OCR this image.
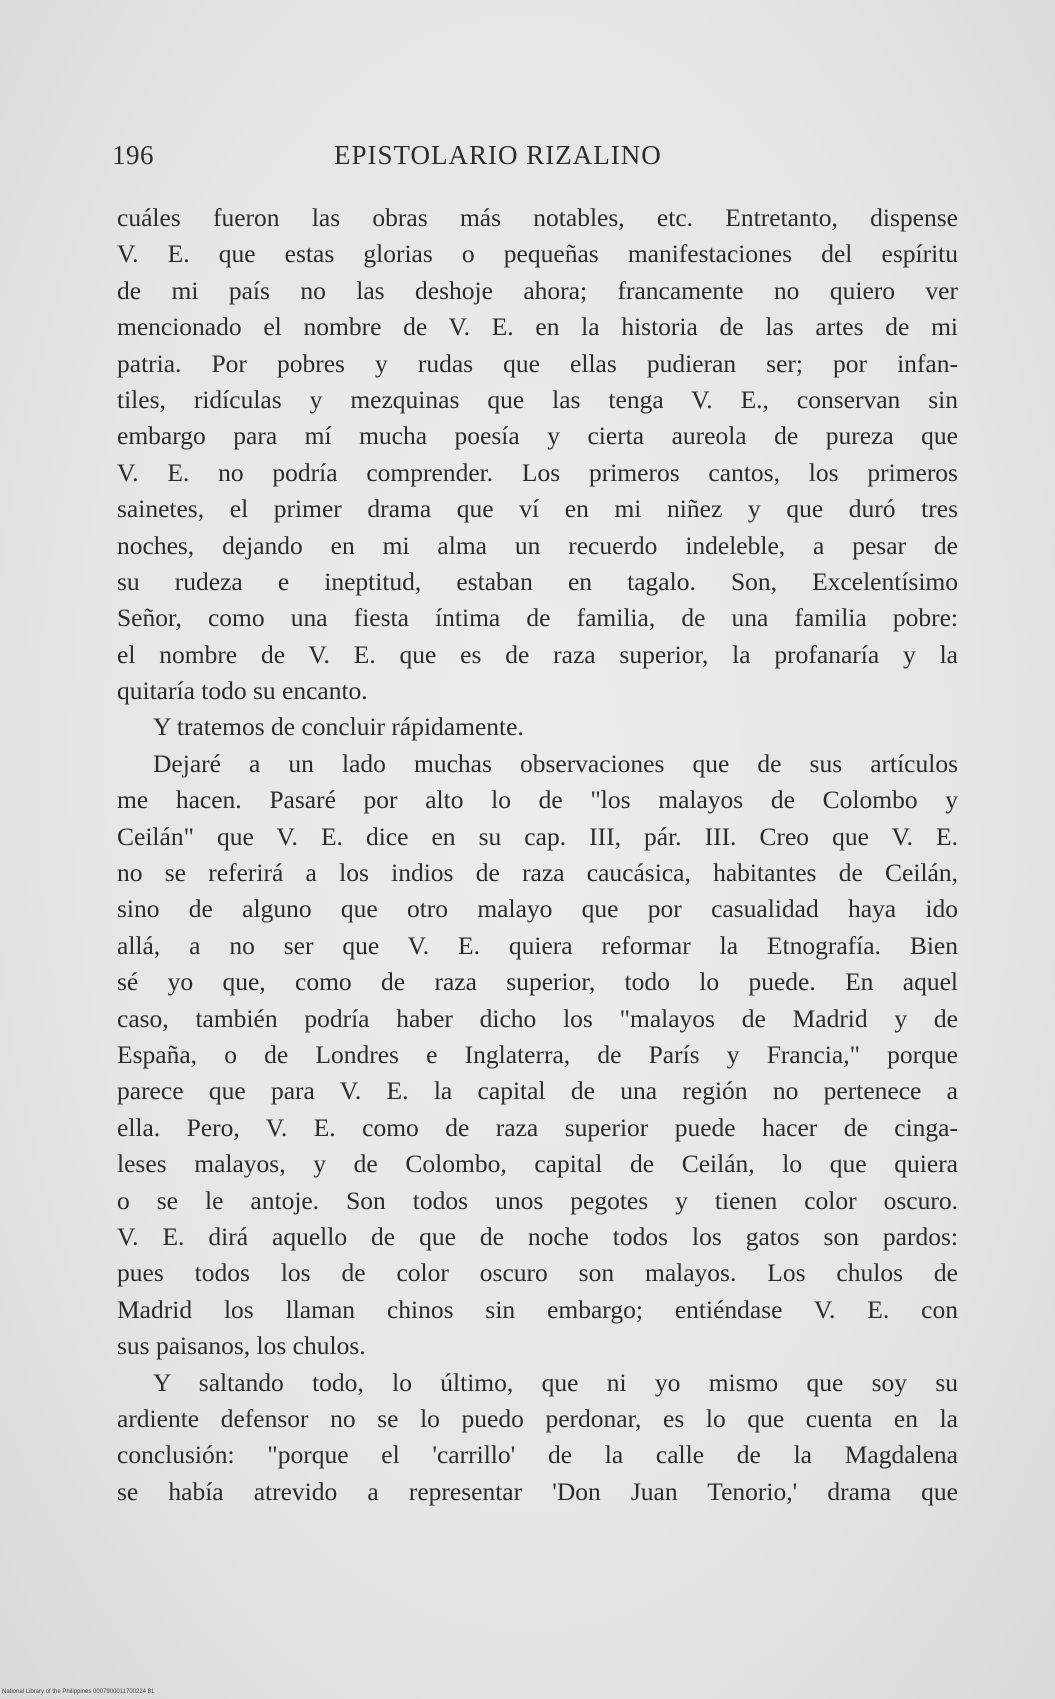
196	EPISTOLARIO RIZALINO
cuáles fueron las obras más notables, etc. Entretanto, dispense
V. E. que estas glorias o pequeñas manifestaciones del espíritu
de mi país no las deshoje ahora; francamente no quiero ver
mencionado el nombre de V. E. en la historia de las artes de mi
patria. Por pobres y rudas que ellas pudieran ser; por infan-
tiles, ridículas y mezquinas que las tenga V. E., conservan sin
embargo para mí mucha poesía y cierta aureola de pureza que
V. E. no podría comprender. Los primeros cantos, los primeros
sainetes, el primer drama que ví en mi niñez y que duró tres
noches, dejando en mi alma un recuerdo indeleble, a pesar de
su rudeza e ineptitud, estaban en tagalo. Son, Excelentísimo
Señor, como una fiesta íntima de familia, de una familia pobre:
el nombre de V. E. que es de raza superior, la profanaría y la
quitaría todo su encanto.
Y tratemos de concluir rápidamente.
Dejaré a un lado muchas observaciones que de sus artículos
me hacen. Pasaré por alto lo de "los malayos de Colombo y
Ceilán" que V. E. dice en su cap. III, pár. III. Creo que V. E.
no se referirá a los indios de raza caucásica, habitantes de Ceilán,
sino de alguno que otro malayo que por casualidad haya ido
allá, a no ser que V. E. quiera reformar la Etnografía. Bien
sé yo que, como de raza superior, todo lo puede. En aquel
caso, también podría haber dicho los "malayos de Madrid y de
España, o de Londres e Inglaterra, de París y Francia," porque
parece que para V. E. la capital de una región no pertenece a
ella. Pero, V. E. como de raza superior puede hacer de cinga-
leses malayos, y de Colombo, capital de Ceilán, lo que quiera
o se le antoje. Son todos unos pegotes y tienen color oscuro.
V. E. dirá aquello de que de noche todos los gatos son pardos:
pues todos los de color oscuro son malayos. Los chulos de
Madrid los llaman chinos sin embargo; entiéndase V. E. con
sus paisanos, los chulos.
Y saltando todo, lo último, que ni yo mismo que soy su
ardiente defensor no se lo puedo perdonar, es lo que cuenta en la
conclusión: "porque el 'carrillo' de la calle de la Magdalena
se había atrevido a representar 'Don Juan Tenorio,' drama que
National Library of the Philippines 0007900011700224 81
